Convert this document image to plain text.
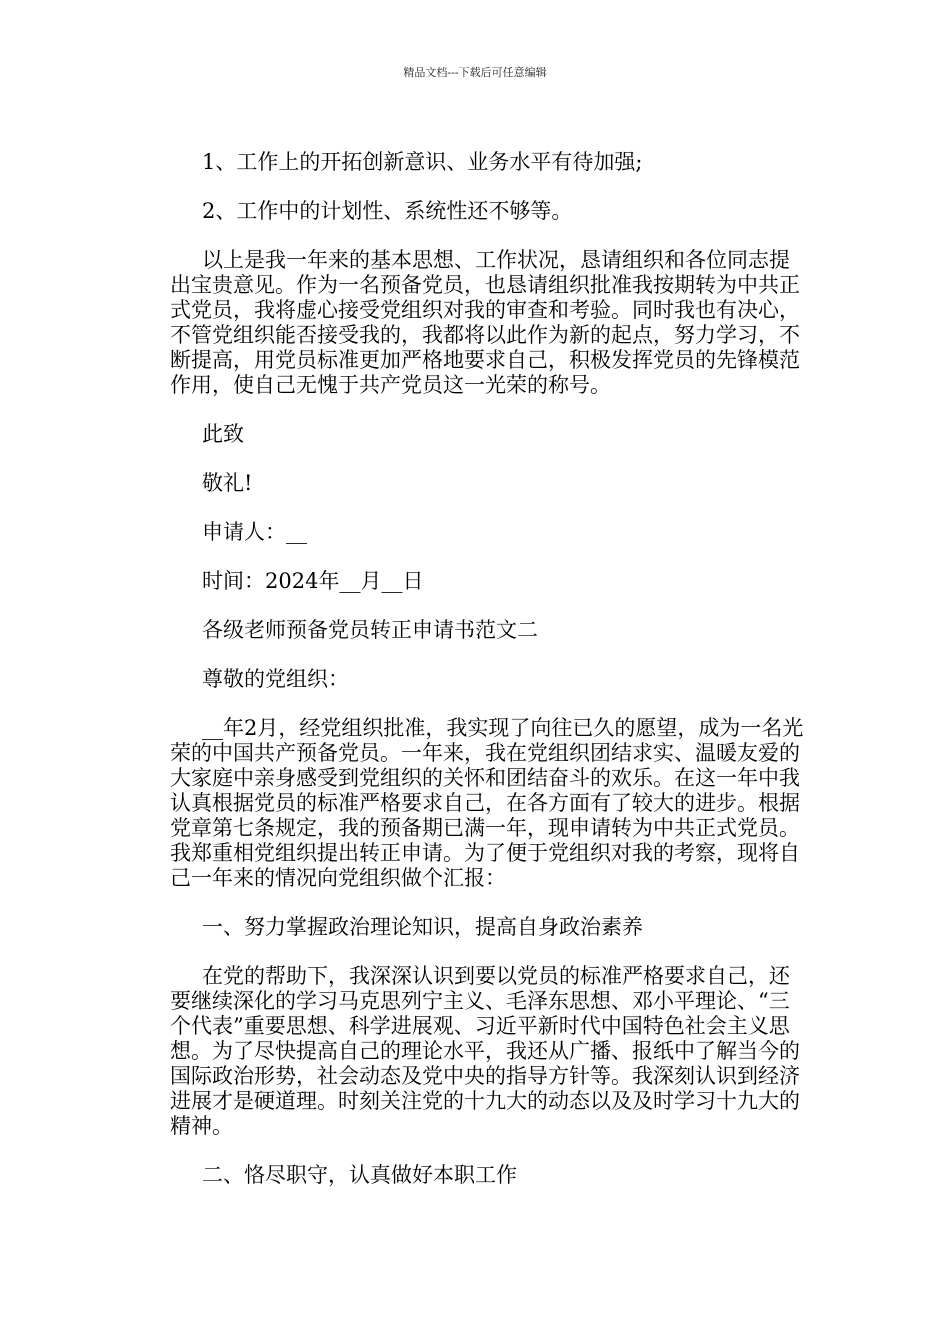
精品文档---下载后可任意编辑

1、工作上的开拓创新意识、业务水平有待加强;

2、工作中的计划性、系统性还不够等。

以上是我一年来的基本思想、工作状况，恳请组织和各位同志提出宝贵意见。作为一名预备党员，也恳请组织批准我按期转为中共正式党员，我将虚心接受党组织对我的审查和考验。同时我也有决心，不管党组织能否接受我的，我都将以此作为新的起点，努力学习，不断提高，用党员标准更加严格地要求自己，积极发挥党员的先锋模范作用，使自己无愧于共产党员这一光荣的称号。

此致

敬礼!

申请人：__

时间：2024年__月__日

各级老师预备党员转正申请书范文二

尊敬的党组织：

__年2月，经党组织批准，我实现了向往已久的愿望，成为一名光荣的中国共产预备党员。一年来，我在党组织团结求实、温暖友爱的大家庭中亲身感受到党组织的关怀和团结奋斗的欢乐。在这一年中我认真根据党员的标准严格要求自己，在各方面有了较大的进步。根据党章第七条规定，我的预备期已满一年，现申请转为中共正式党员。我郑重相党组织提出转正申请。为了便于党组织对我的考察，现将自己一年来的情况向党组织做个汇报：

一、努力掌握政治理论知识，提高自身政治素养

在党的帮助下，我深深认识到要以党员的标准严格要求自己，还要继续深化的学习马克思列宁主义、毛泽东思想、邓小平理论、“三个代表”重要思想、科学进展观、习近平新时代中国特色社会主义思想。为了尽快提高自己的理论水平，我还从广播、报纸中了解当今的国际政治形势，社会动态及党中央的指导方针等。我深刻认识到经济进展才是硬道理。时刻关注党的十九大的动态以及及时学习十九大的精神。

二、恪尽职守，认真做好本职工作
